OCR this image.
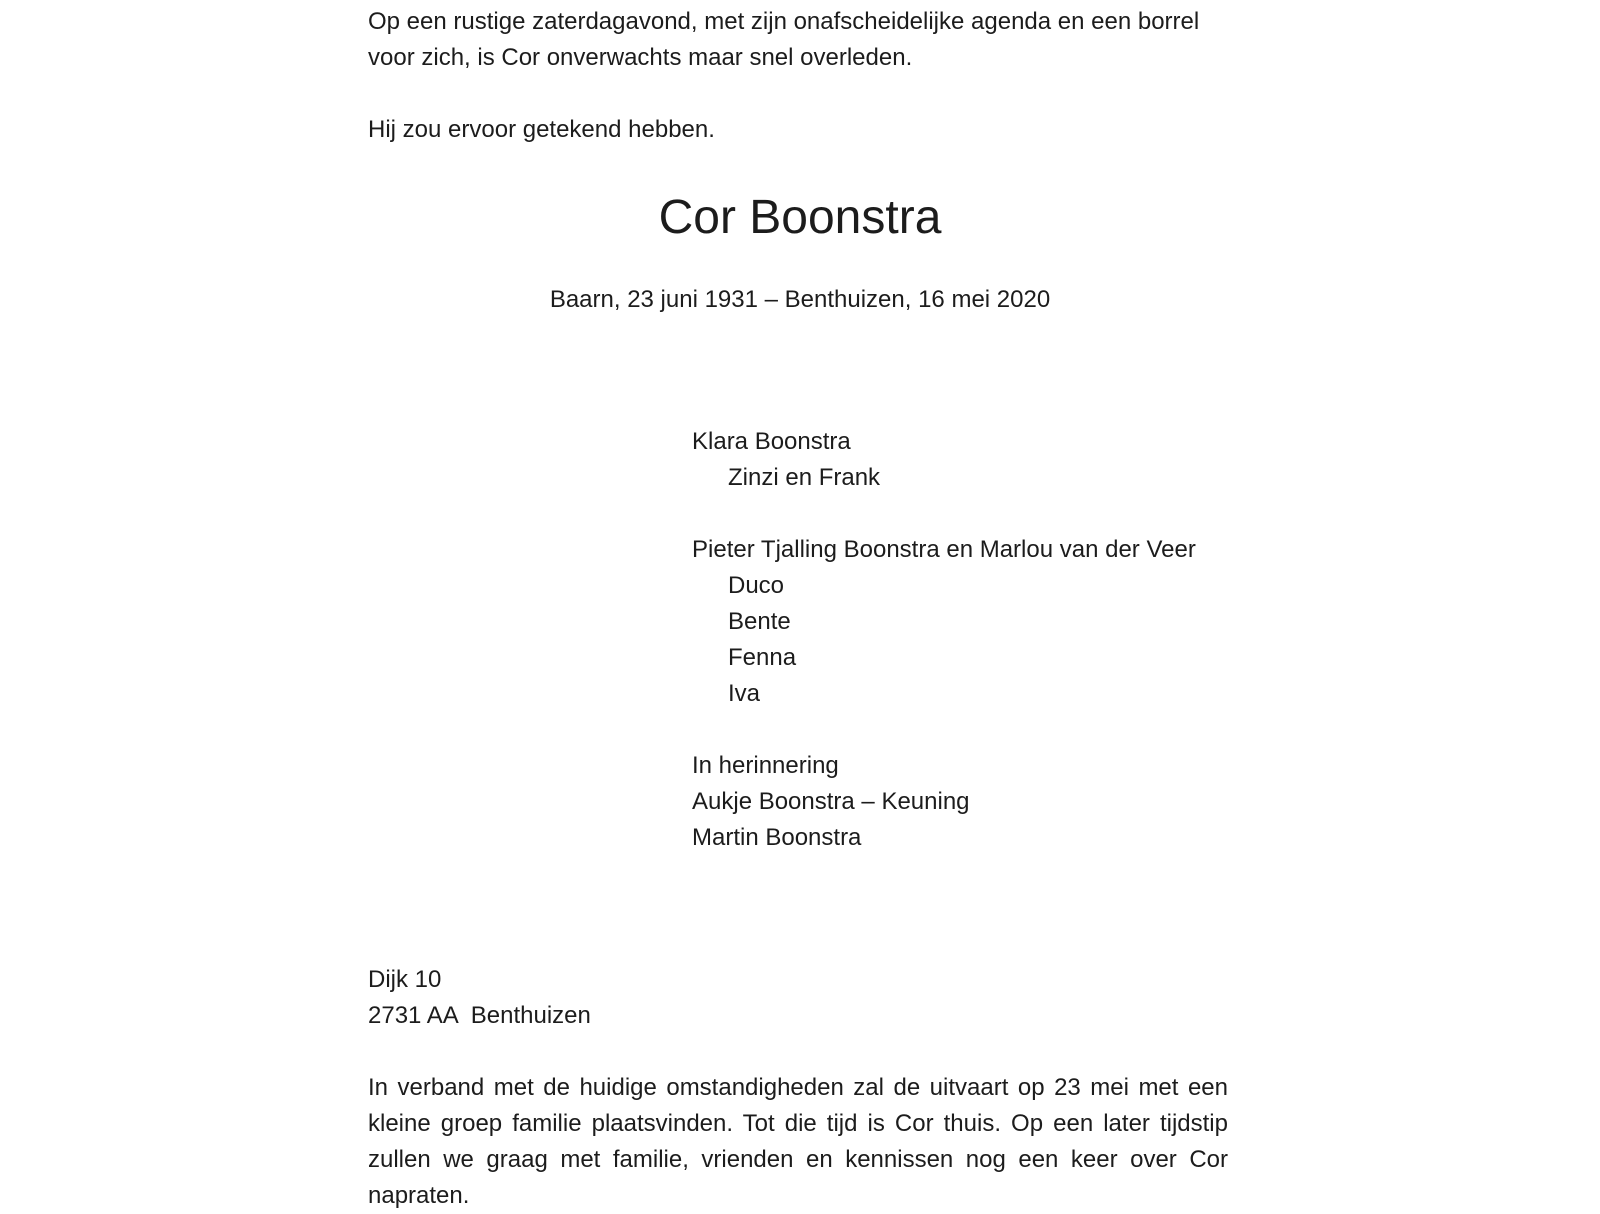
Op een rustige zaterdagavond, met zijn onafscheidelijke agenda en een borrel
voor zich, is Cor onverwachts maar snel overleden.
Hij zou ervoor getekend hebben.
Cor Boonstra
Baarn, 23 juni 1931 – Benthuizen, 16 mei 2020
Klara Boonstra
Zinzi en Frank
Pieter Tjalling Boonstra en Marlou van der Veer
Duco
Bente
Fenna
Iva
In herinnering
Aukje Boonstra – Keuning
Martin Boonstra
Dijk 10
2731 AA  Benthuizen

In verband met de huidige omstandigheden zal de uitvaart op 23 mei met een kleine groep familie plaatsvinden. Tot die tijd is Cor thuis. Op een later tijdstip zullen we graag met familie, vrienden en kennissen nog een keer over Cor napraten.
